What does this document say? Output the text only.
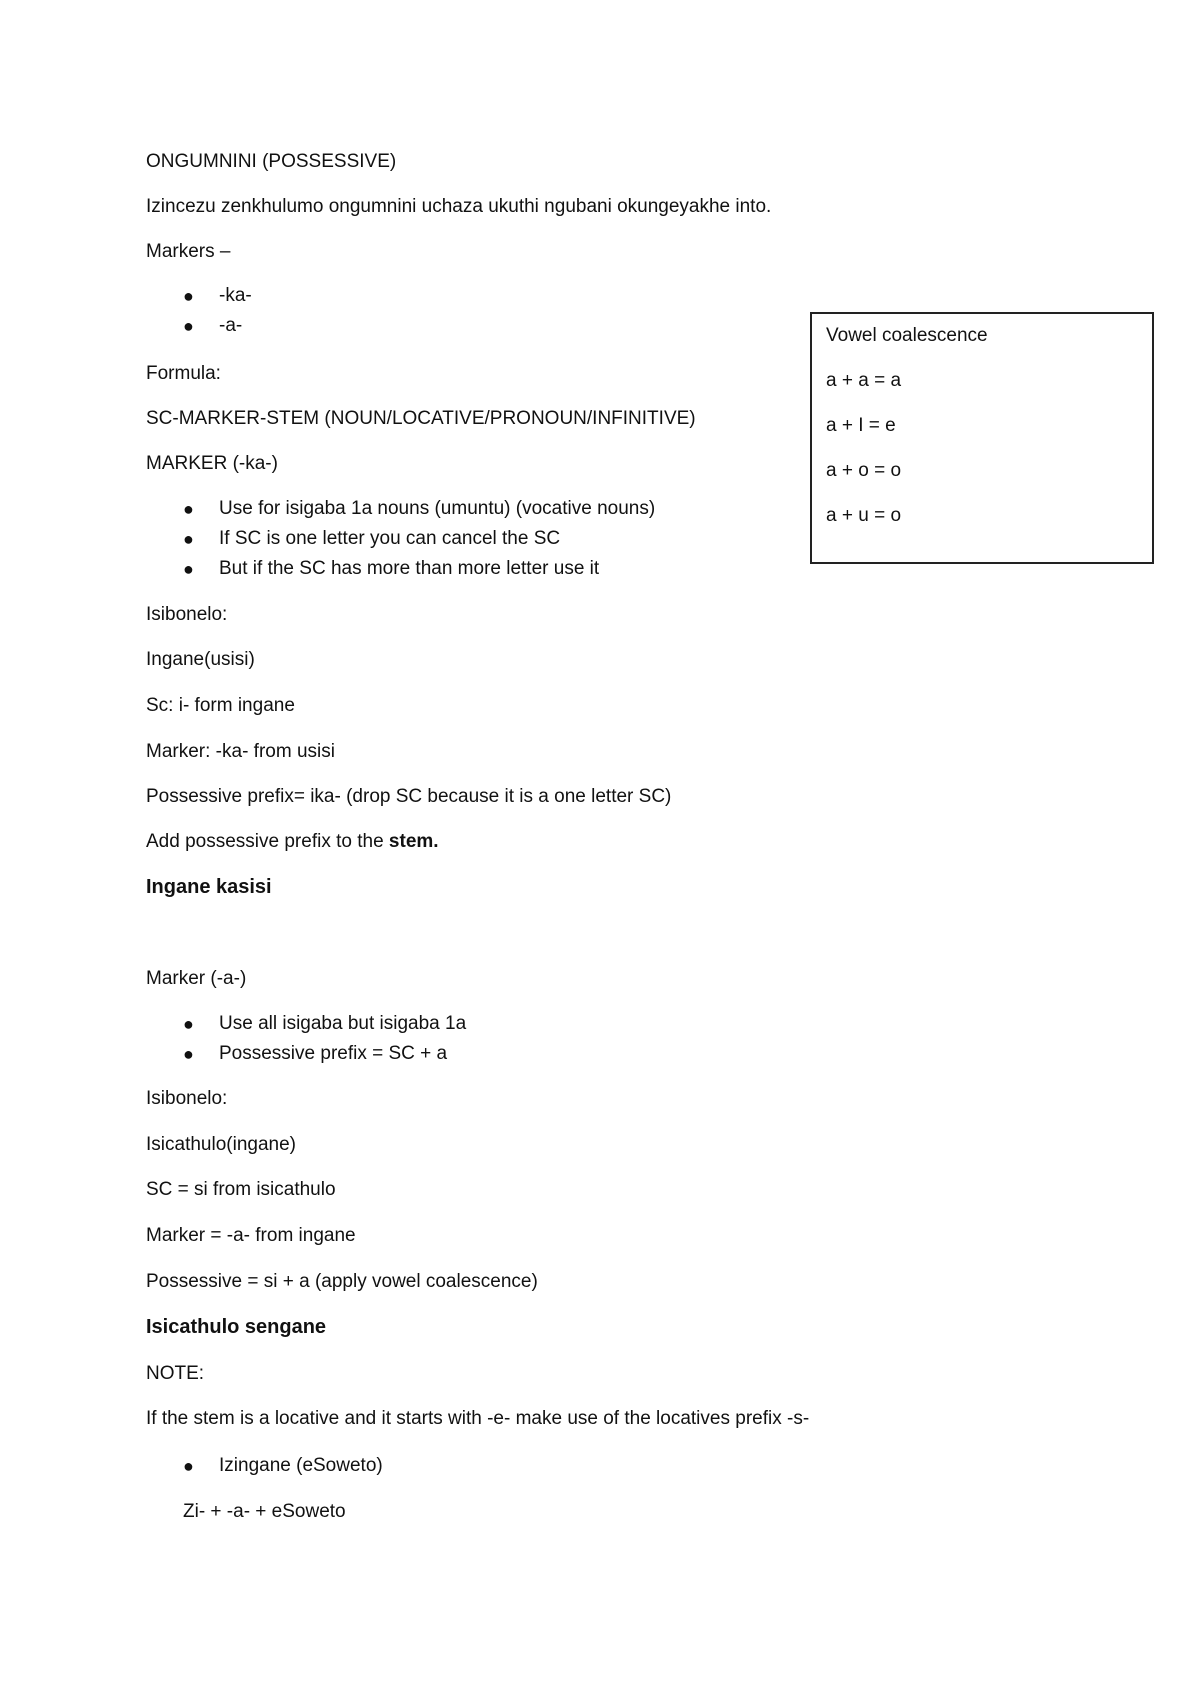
ONGUMNINI (POSSESSIVE)
Izincezu zenkhulumo ongumnini uchaza ukuthi ngubani okungeyakhe into.
Markers –
● -ka-
● -a-
Formula:
SC-MARKER-STEM (NOUN/LOCATIVE/PRONOUN/INFINITIVE)
MARKER (-ka-)
● Use for isigaba 1a nouns (umuntu) (vocative nouns)
● If SC is one letter you can cancel the SC
● But if the SC has more than more letter use it
Isibonelo:
Ingane(usisi)
Sc: i- form ingane
Marker: -ka- from usisi
Possessive prefix= ika- (drop SC because it is a one letter SC)
Add possessive prefix to the stem.
Ingane kasisi
Marker (-a-)
● Use all isigaba but isigaba 1a
● Possessive prefix = SC + a
Isibonelo:
Isicathulo(ingane)
SC = si from isicathulo
Marker = -a- from ingane
Possessive = si + a (apply vowel coalescence)
Isicathulo sengane
NOTE:
If the stem is a locative and it starts with -e- make use of the locatives prefix -s-
● Izingane (eSoweto)
Zi- + -a- + eSoweto
Vowel coalescence
a + a = a
a + I = e
a + o = o
a + u = o
